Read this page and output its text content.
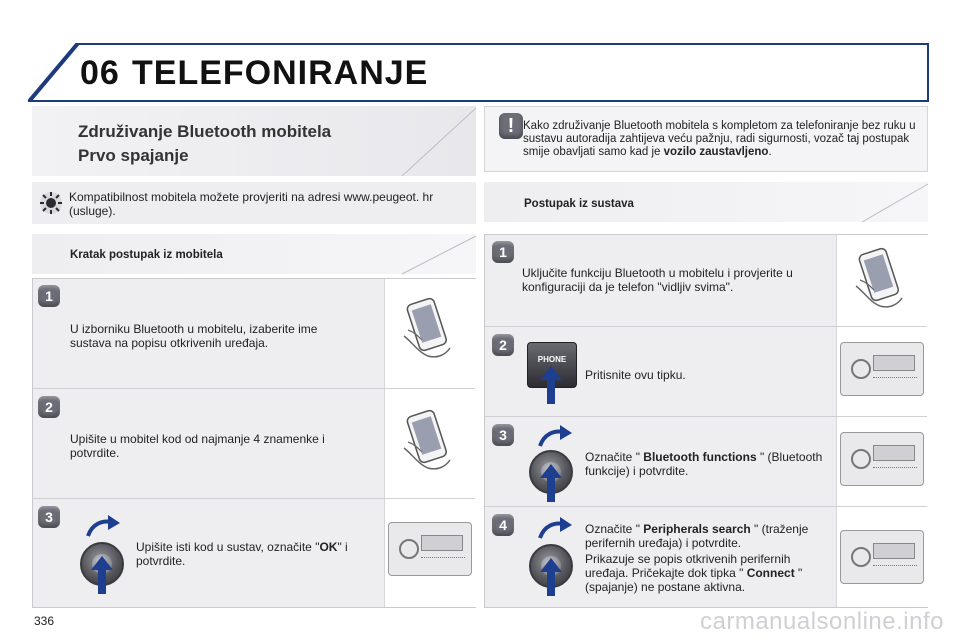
06 TELEFONIRANJE
Združivanje Bluetooth mobitela
Prvo spajanje
! Kako združivanje Bluetooth mobitela s kompletom za telefoniranje bez ruku u sustavu autoradija zahtijeva veću pažnju, radi sigurnosti, vozač taj postupak smije obavljati samo kad je vozilo zaustavljeno.
Kompatibilnost mobitela možete provjeriti na adresi www.peugeot. hr (usluge).	Postupak iz sustava
Kratak postupak iz mobitela
1
U izborniku Bluetooth u mobitelu, izaberite ime sustava na popisu otkrivenih uređaja.
2
Upišite u mobitel kod od najmanje 4 znamenke i potvrdite.
3
Upišite isti kod u sustav, označite "OK" i potvrdite.
1
Uključite funkciju Bluetooth u mobitelu i provjerite u konfiguraciji da je telefon "vidljiv svima".
2
PHONE
Pritisnite ovu tipku.
3
Označite " Bluetooth functions " (Bluetooth funkcije) i potvrdite.
4	Označite " Peripherals search " (traženje perifernih uređaja) i potvrdite.
Prikazuje se popis otkrivenih perifernih uređaja. Pričekajte dok tipka " Connect " (spajanje) ne postane aktivna.
336	carmanualsonline.info
